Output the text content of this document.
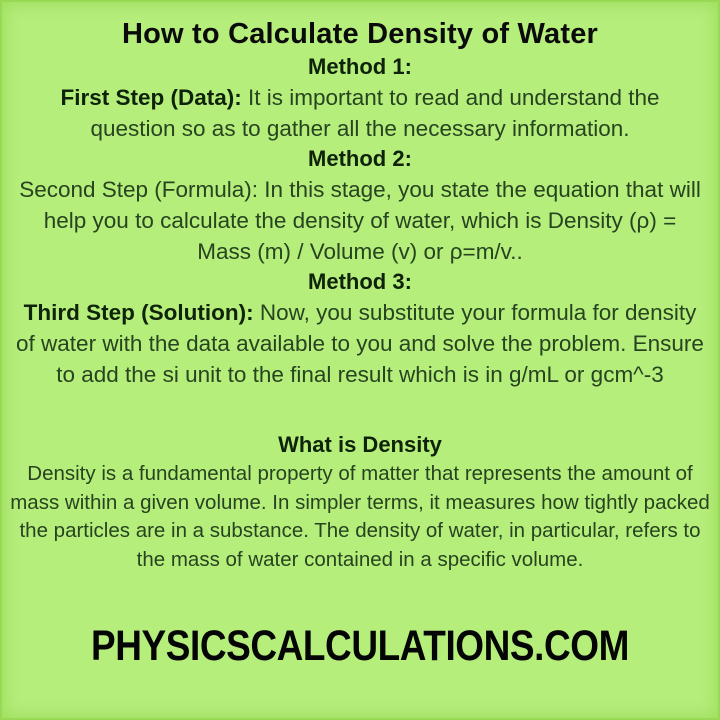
How to Calculate Density of Water
Method 1:

First Step (Data): It is important to read and understand the question so as to gather all the necessary information.

Method 2:

Second Step (Formula): In this stage, you state the equation that will help you to calculate the density of water, which is Density (ρ) = Mass (m) / Volume (v) or ρ=m/v..

Method 3:

Third Step (Solution): Now, you substitute your formula for density of water with the data available to you and solve the problem. Ensure to add the si unit to the final result which is in g/mL or gcm^-3

What is Density

Density is a fundamental property of matter that represents the amount of mass within a given volume. In simpler terms, it measures how tightly packed the particles are in a substance. The density of water, in particular, refers to the mass of water contained in a specific volume.

PHYSICSCALCULATIONS.COM
